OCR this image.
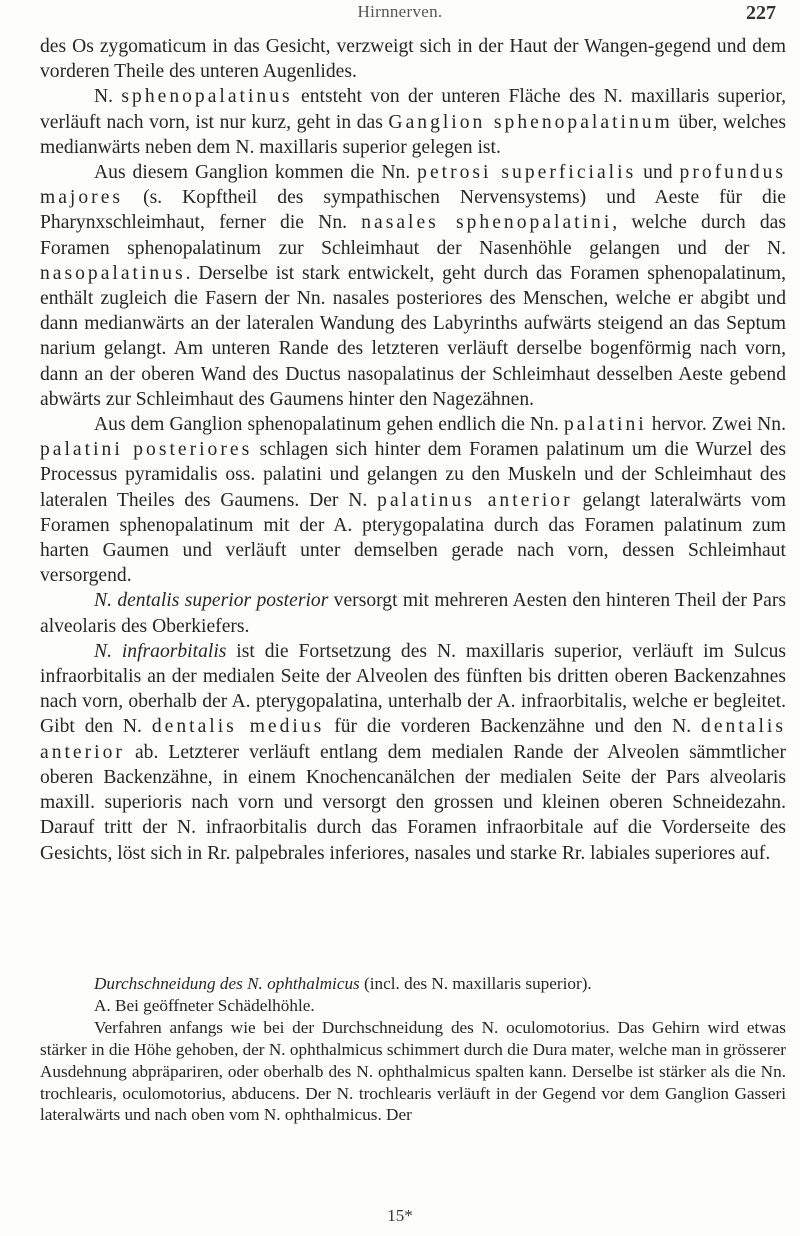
Hirnnerven.	227

des Os zygomaticum in das Gesicht, verzweigt sich in der Haut der Wangen-gegend und dem vorderen Theile des unteren Augenlides.

N. sphenopalatinus entsteht von der unteren Fläche des N. maxillaris superior, verläuft nach vorn, ist nur kurz, geht in das Ganglion sphenopalatinum über, welches medianwärts neben dem N. maxillaris superior gelegen ist.

Aus diesem Ganglion kommen die Nn. petrosi superficialis und profundus majores (s. Kopftheil des sympathischen Nervensystems) und Aeste für die Pharynxschleimhaut, ferner die Nn. nasales sphenopalatini, welche durch das Foramen sphenopalatinum zur Schleimhaut der Nasenhöhle gelangen und der N. nasopalatinus. Derselbe ist stark entwickelt, geht durch das Foramen sphenopalatinum, enthält zugleich die Fasern der Nn. nasales posteriores des Menschen, welche er abgibt und dann medianwärts an der lateralen Wandung des Labyrinths aufwärts steigend an das Septum narium gelangt. Am unteren Rande des letzteren verläuft derselbe bogenförmig nach vorn, dann an der oberen Wand des Ductus nasopalatinus der Schleimhaut desselben Aeste gebend abwärts zur Schleimhaut des Gaumens hinter den Nagezähnen.

Aus dem Ganglion sphenopalatinum gehen endlich die Nn. palatini hervor. Zwei Nn. palatini posteriores schlagen sich hinter dem Foramen palatinum um die Wurzel des Processus pyramidalis oss. palatini und gelangen zu den Muskeln und der Schleimhaut des lateralen Theiles des Gaumens. Der N. palatinus anterior gelangt lateralwärts vom Foramen sphenopalatinum mit der A. pterygopalatina durch das Foramen palatinum zum harten Gaumen und verläuft unter demselben gerade nach vorn, dessen Schleimhaut versorgend.

N. dentalis superior posterior versorgt mit mehreren Aesten den hinteren Theil der Pars alveolaris des Oberkiefers.

N. infraorbitalis ist die Fortsetzung des N. maxillaris superior, verläuft im Sulcus infraorbitalis an der medialen Seite der Alveolen des fünften bis dritten oberen Backenzahnes nach vorn, oberhalb der A. pterygopalatina, unterhalb der A. infraorbitalis, welche er begleitet. Gibt den N. dentalis medius für die vorderen Backenzähne und den N. dentalis anterior ab. Letzterer verläuft entlang dem medialen Rande der Alveolen sämmtlicher oberen Backenzähne, in einem Knochencanälchen der medialen Seite der Pars alveolaris maxill. superioris nach vorn und versorgt den grossen und kleinen oberen Schneidezahn. Darauf tritt der N. infraorbitalis durch das Foramen infraorbitale auf die Vorderseite des Gesichts, löst sich in Rr. palpebrales inferiores, nasales und starke Rr. labiales superiores auf.

Durchschneidung des N. ophthalmicus (incl. des N. maxillaris superior).

A. Bei geöffneter Schädelhöhle.

Verfahren anfangs wie bei der Durchschneidung des N. oculomotorius. Das Gehirn wird etwas stärker in die Höhe gehoben, der N. ophthalmicus schimmert durch die Dura mater, welche man in grösserer Ausdehnung abpräpariren, oder oberhalb des N. ophthalmicus spalten kann. Derselbe ist stärker als die Nn. trochlearis, oculomotorius, abducens. Der N. trochlearis verläuft in der Gegend vor dem Ganglion Gasseri lateralwärts und nach oben vom N. ophthalmicus. Der

15*
